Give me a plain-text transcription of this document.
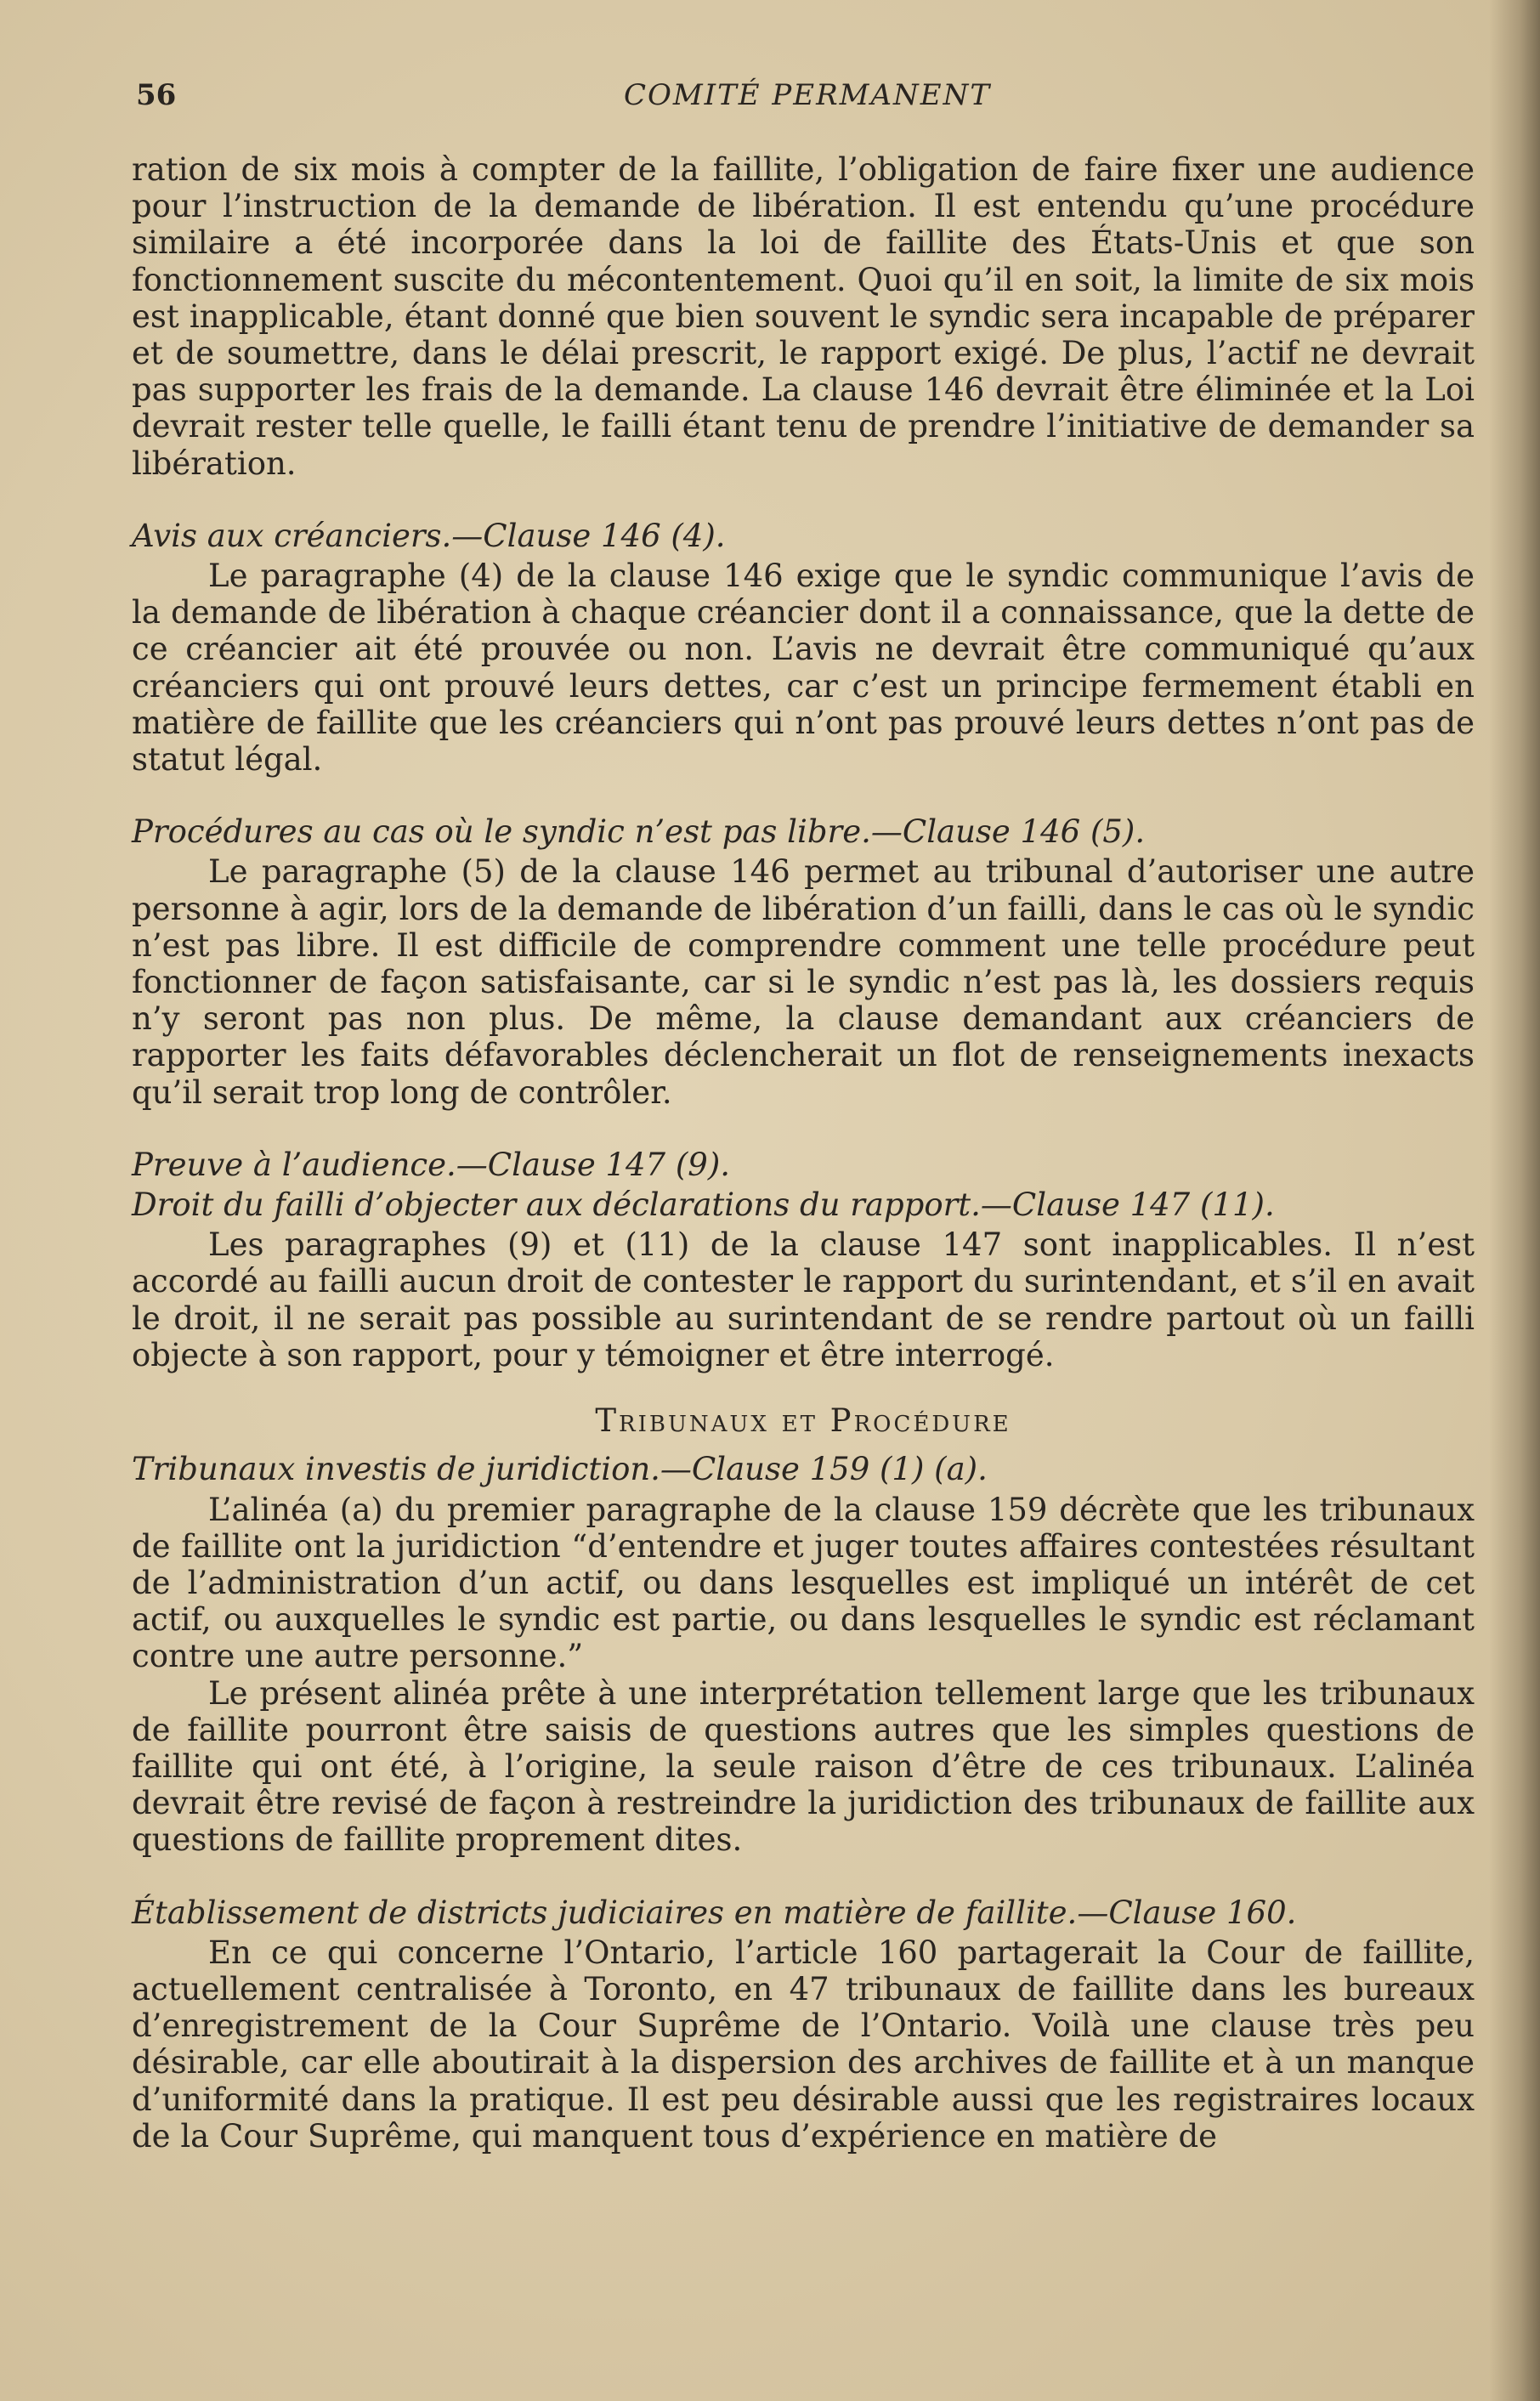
56	COMITÉ PERMANENT

ration de six mois à compter de la faillite, l’obligation de faire fixer une audience pour l’instruction de la demande de libération. Il est entendu qu’une procédure similaire a été incorporée dans la loi de faillite des États-Unis et que son fonctionnement suscite du mécontentement. Quoi qu’il en soit, la limite de six mois est inapplicable, étant donné que bien souvent le syndic sera incapable de préparer et de soumettre, dans le délai prescrit, le rapport exigé. De plus, l’actif ne devrait pas supporter les frais de la demande. La clause 146 devrait être éliminée et la Loi devrait rester telle quelle, le failli étant tenu de prendre l’initiative de demander sa libération.

Avis aux créanciers.—Clause 146 (4).

Le paragraphe (4) de la clause 146 exige que le syndic communique l’avis de la demande de libération à chaque créancier dont il a connaissance, que la dette de ce créancier ait été prouvée ou non. L’avis ne devrait être communiqué qu’aux créanciers qui ont prouvé leurs dettes, car c’est un principe fermement établi en matière de faillite que les créanciers qui n’ont pas prouvé leurs dettes n’ont pas de statut légal.

Procédures au cas où le syndic n’est pas libre.—Clause 146 (5).

Le paragraphe (5) de la clause 146 permet au tribunal d’autoriser une autre personne à agir, lors de la demande de libération d’un failli, dans le cas où le syndic n’est pas libre. Il est difficile de comprendre comment une telle procédure peut fonctionner de façon satisfaisante, car si le syndic n’est pas là, les dossiers requis n’y seront pas non plus. De même, la clause demandant aux créanciers de rapporter les faits défavorables déclencherait un flot de renseignements inexacts qu’il serait trop long de contrôler.

Preuve à l’audience.—Clause 147 (9).

Droit du failli d’objecter aux déclarations du rapport.—Clause 147 (11).

Les paragraphes (9) et (11) de la clause 147 sont inapplicables. Il n’est accordé au failli aucun droit de contester le rapport du surintendant, et s’il en avait le droit, il ne serait pas possible au surintendant de se rendre partout où un failli objecte à son rapport, pour y témoigner et être interrogé.

Tribunaux et Procédure

Tribunaux investis de juridiction.—Clause 159 (1) (a).

L’alinéa (a) du premier paragraphe de la clause 159 décrète que les tribunaux de faillite ont la juridiction “d’entendre et juger toutes affaires contestées résultant de l’administration d’un actif, ou dans lesquelles est impliqué un intérêt de cet actif, ou auxquelles le syndic est partie, ou dans lesquelles le syndic est réclamant contre une autre personne.”

Le présent alinéa prête à une interprétation tellement large que les tribunaux de faillite pourront être saisis de questions autres que les simples questions de faillite qui ont été, à l’origine, la seule raison d’être de ces tribunaux. L’alinéa devrait être revisé de façon à restreindre la juridiction des tribunaux de faillite aux questions de faillite proprement dites.

Établissement de districts judiciaires en matière de faillite.—Clause 160.

En ce qui concerne l’Ontario, l’article 160 partagerait la Cour de faillite, actuellement centralisée à Toronto, en 47 tribunaux de faillite dans les bureaux d’enregistrement de la Cour Suprême de l’Ontario. Voilà une clause très peu désirable, car elle aboutirait à la dispersion des archives de faillite et à un manque d’uniformité dans la pratique. Il est peu désirable aussi que les registraires locaux de la Cour Suprême, qui manquent tous d’expérience en matière de
